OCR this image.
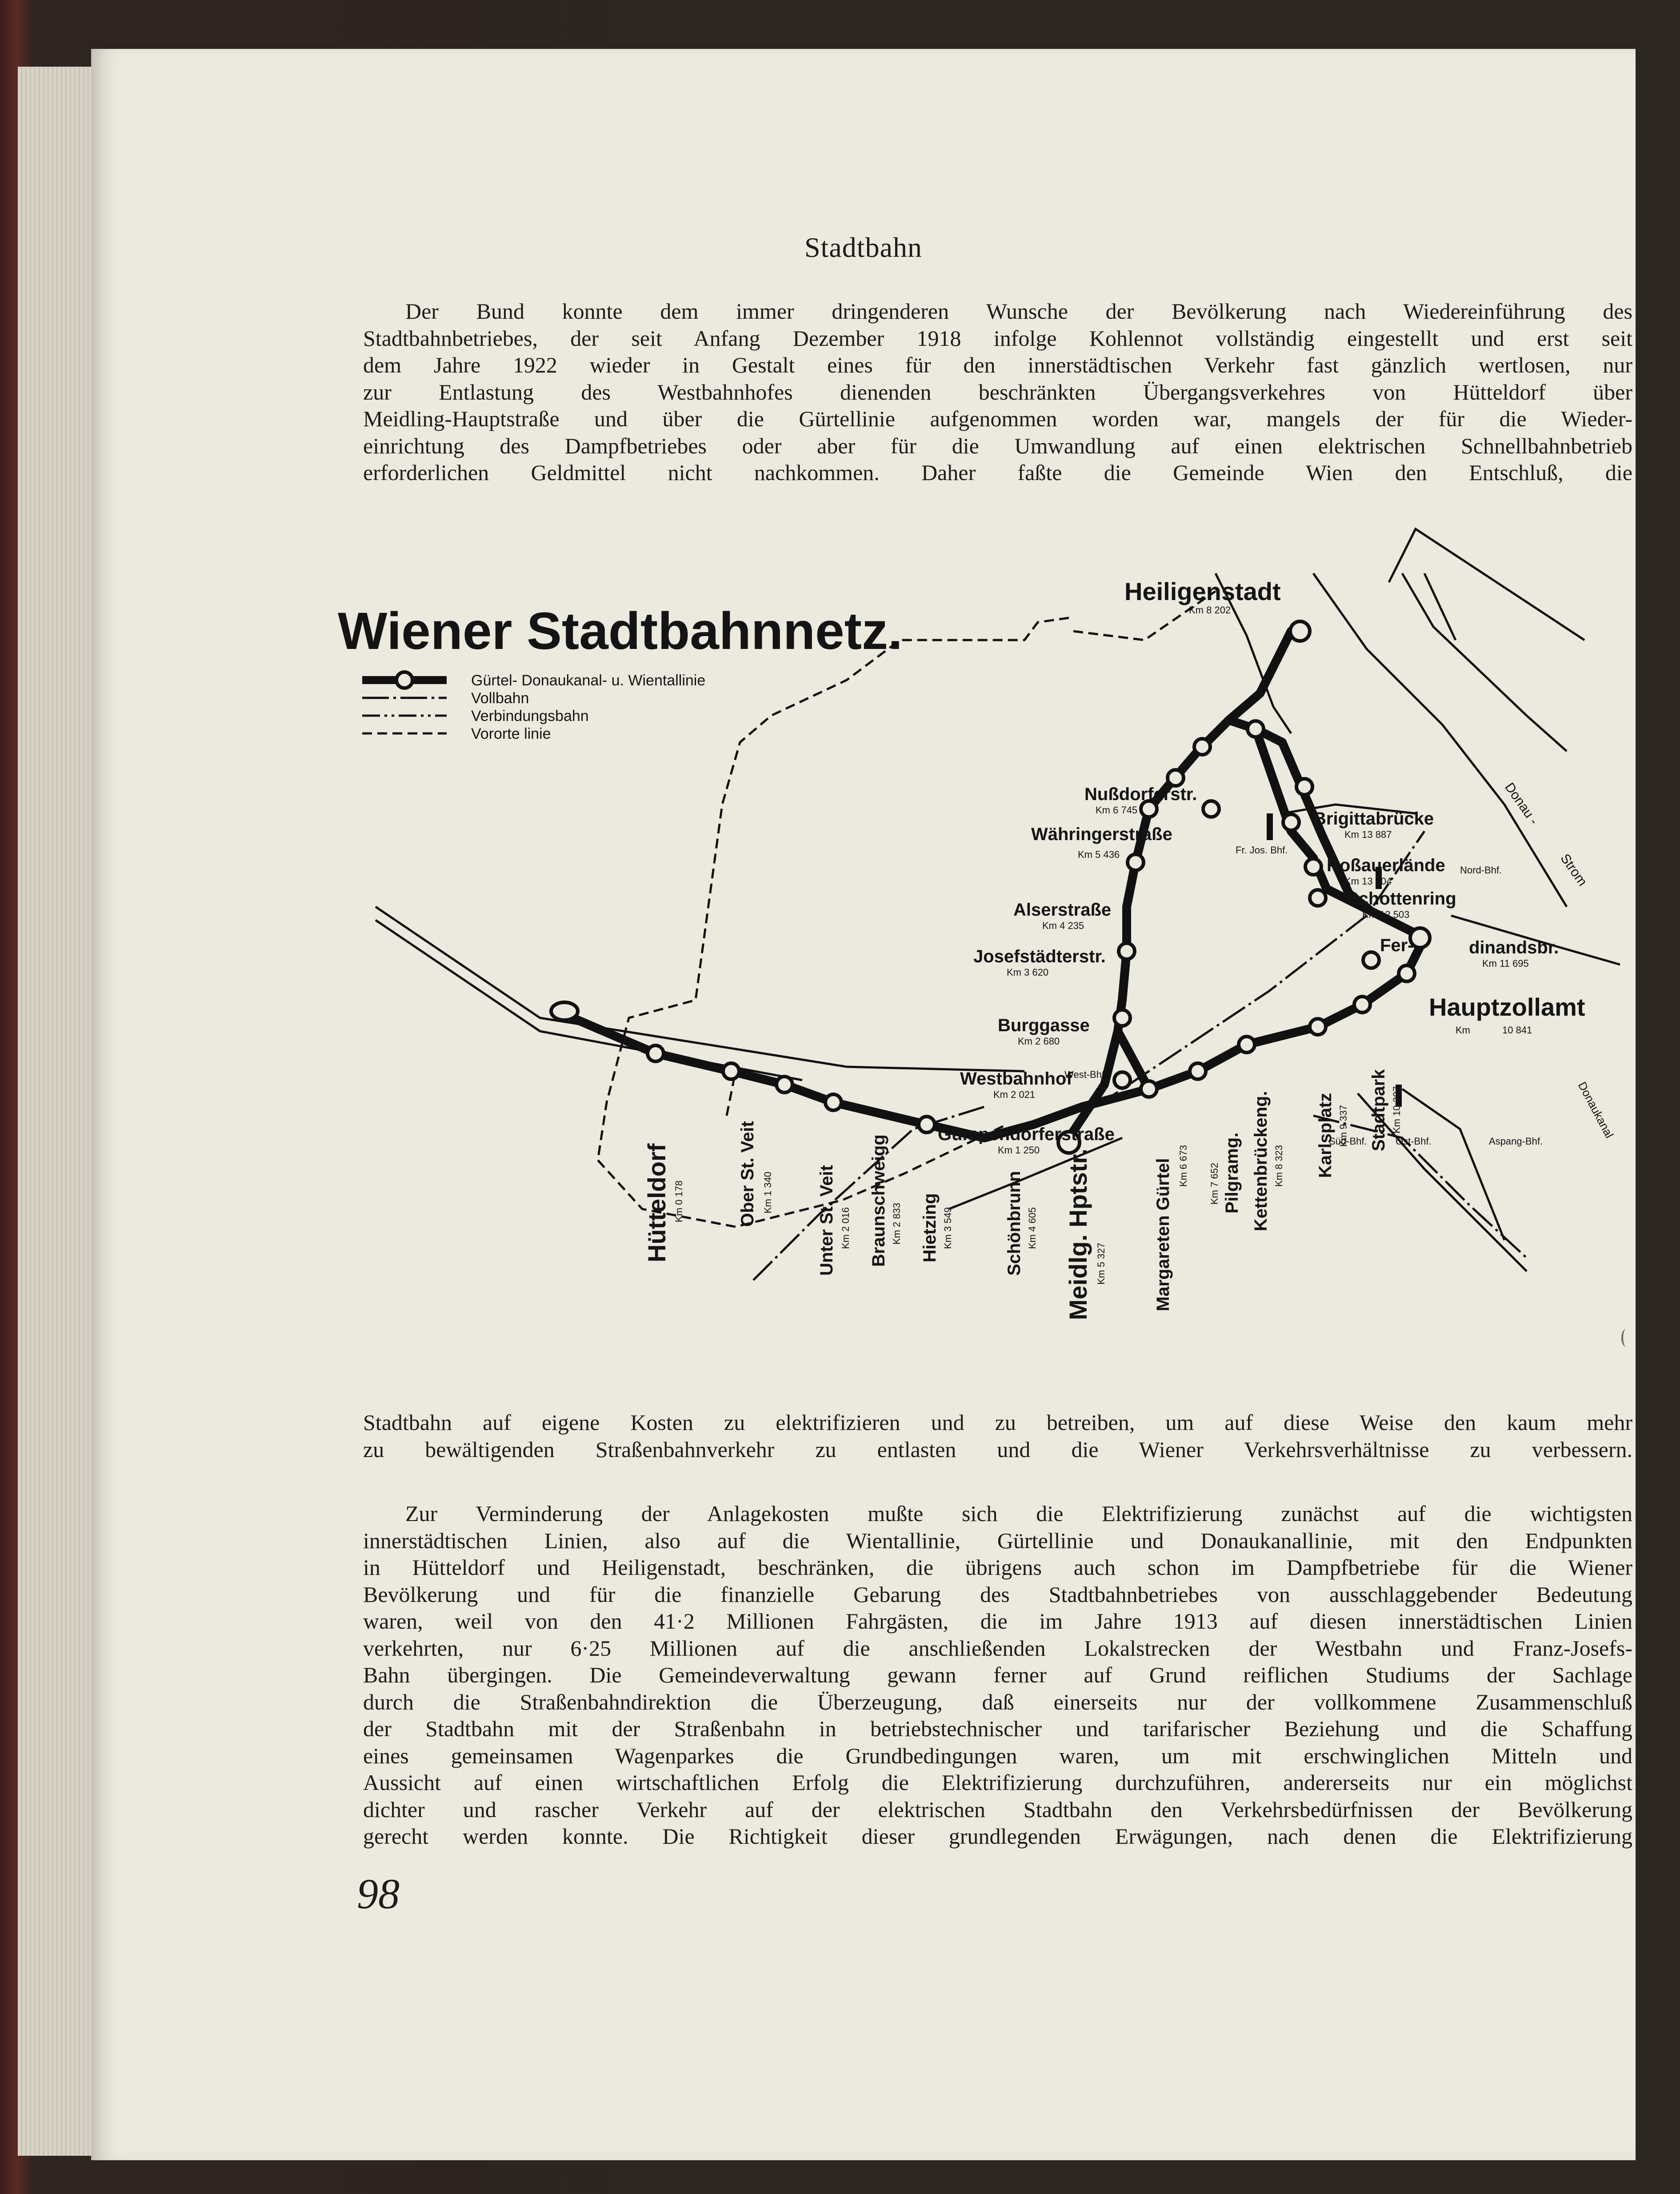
Stadtbahn

Der Bund konnte dem immer dringenderen Wunsche der Bevölkerung nach Wiedereinführung des
Stadtbahnbetriebes, der seit Anfang Dezember 1918 infolge Kohlennot vollständig eingestellt und erst seit
dem Jahre 1922 wieder in Gestalt eines für den innerstädtischen Verkehr fast gänzlich wertlosen, nur
zur Entlastung des Westbahnhofes dienenden beschränkten Übergangsverkehres von Hütteldorf über
Meidling-Hauptstraße und über die Gürtellinie aufgenommen worden war, mangels der für die Wieder-
einrichtung des Dampfbetriebes oder aber für die Umwandlung auf einen elektrischen Schnellbahnbetrieb
erforderlichen Geldmittel nicht nachkommen. Daher faßte die Gemeinde Wien den Entschluß, die

Wiener Stadtbahnnetz.
Gürtel- Donaukanal- u. Wientallinie
Vollbahn
Verbindungsbahn
Vororte linie
Heiligenstadt
Km 8 202
Nußdorferstr.
Km 6 745
Währingerstraße
Km 5 436
Alserstraße
Km 4 235
Josefstädterstr.
Km 3 620
Burggasse
Km 2 680
Westbahnhof
Km 2 021
West-Bhf.
Gumpendorferstraße
Km 1 250
Brigittabrücke
Km 13 887
Roßauerlände
Km 13 204
Schottenring
Km 12 503
Fer-	dinandsbr.
Km 11 695
Hauptzollamt
Km	10 841
Nord-Bhf.
Fr. Jos. Bhf.
Aspang-Bhf.
Süd-Bhf.	Ost-Bhf.
Donau -
Strom
Donaukanal
Hütteldorf Km 0 178	Ober St. Veit Km 1 340 Unter St. Veit Km 2 016 Braunschweigg Km 2 833 Hietzing Km 3 549	Schönbrunn Km 4 605 Meidlg. Hptstr. Km 5 327	Margareten Gürtel Km 6 673 Pilgramg.
Km 7 652 Kettenbrückeng. Km 8 323 Karlsplatz Km 9 337 Stadtpark Km 10 227

Stadtbahn auf eigene Kosten zu elektrifizieren und zu betreiben, um auf diese Weise den kaum mehr
zu bewältigenden Straßenbahnverkehr zu entlasten und die Wiener Verkehrsverhältnisse zu verbessern.

Zur Verminderung der Anlagekosten mußte sich die Elektrifizierung zunächst auf die wichtigsten
innerstädtischen Linien, also auf die Wientallinie, Gürtellinie und Donaukanallinie, mit den Endpunkten
in Hütteldorf und Heiligenstadt, beschränken, die übrigens auch schon im Dampfbetriebe für die Wiener
Bevölkerung und für die finanzielle Gebarung des Stadtbahnbetriebes von ausschlaggebender Bedeutung
waren, weil von den 41·2 Millionen Fahrgästen, die im Jahre 1913 auf diesen innerstädtischen Linien
verkehrten, nur 6·25 Millionen auf die anschließenden Lokalstrecken der Westbahn und Franz-Josefs-
Bahn übergingen. Die Gemeindeverwaltung gewann ferner auf Grund reiflichen Studiums der Sachlage
durch die Straßenbahndirektion die Überzeugung, daß einerseits nur der vollkommene Zusammenschluß
der Stadtbahn mit der Straßenbahn in betriebstechnischer und tarifarischer Beziehung und die Schaffung
eines gemeinsamen Wagenparkes die Grundbedingungen waren, um mit erschwinglichen Mitteln und
Aussicht auf einen wirtschaftlichen Erfolg die Elektrifizierung durchzuführen, andererseits nur ein möglichst
dichter und rascher Verkehr auf der elektrischen Stadtbahn den Verkehrsbedürfnissen der Bevölkerung
gerecht werden konnte. Die Richtigkeit dieser grundlegenden Erwägungen, nach denen die Elektrifizierung

98
